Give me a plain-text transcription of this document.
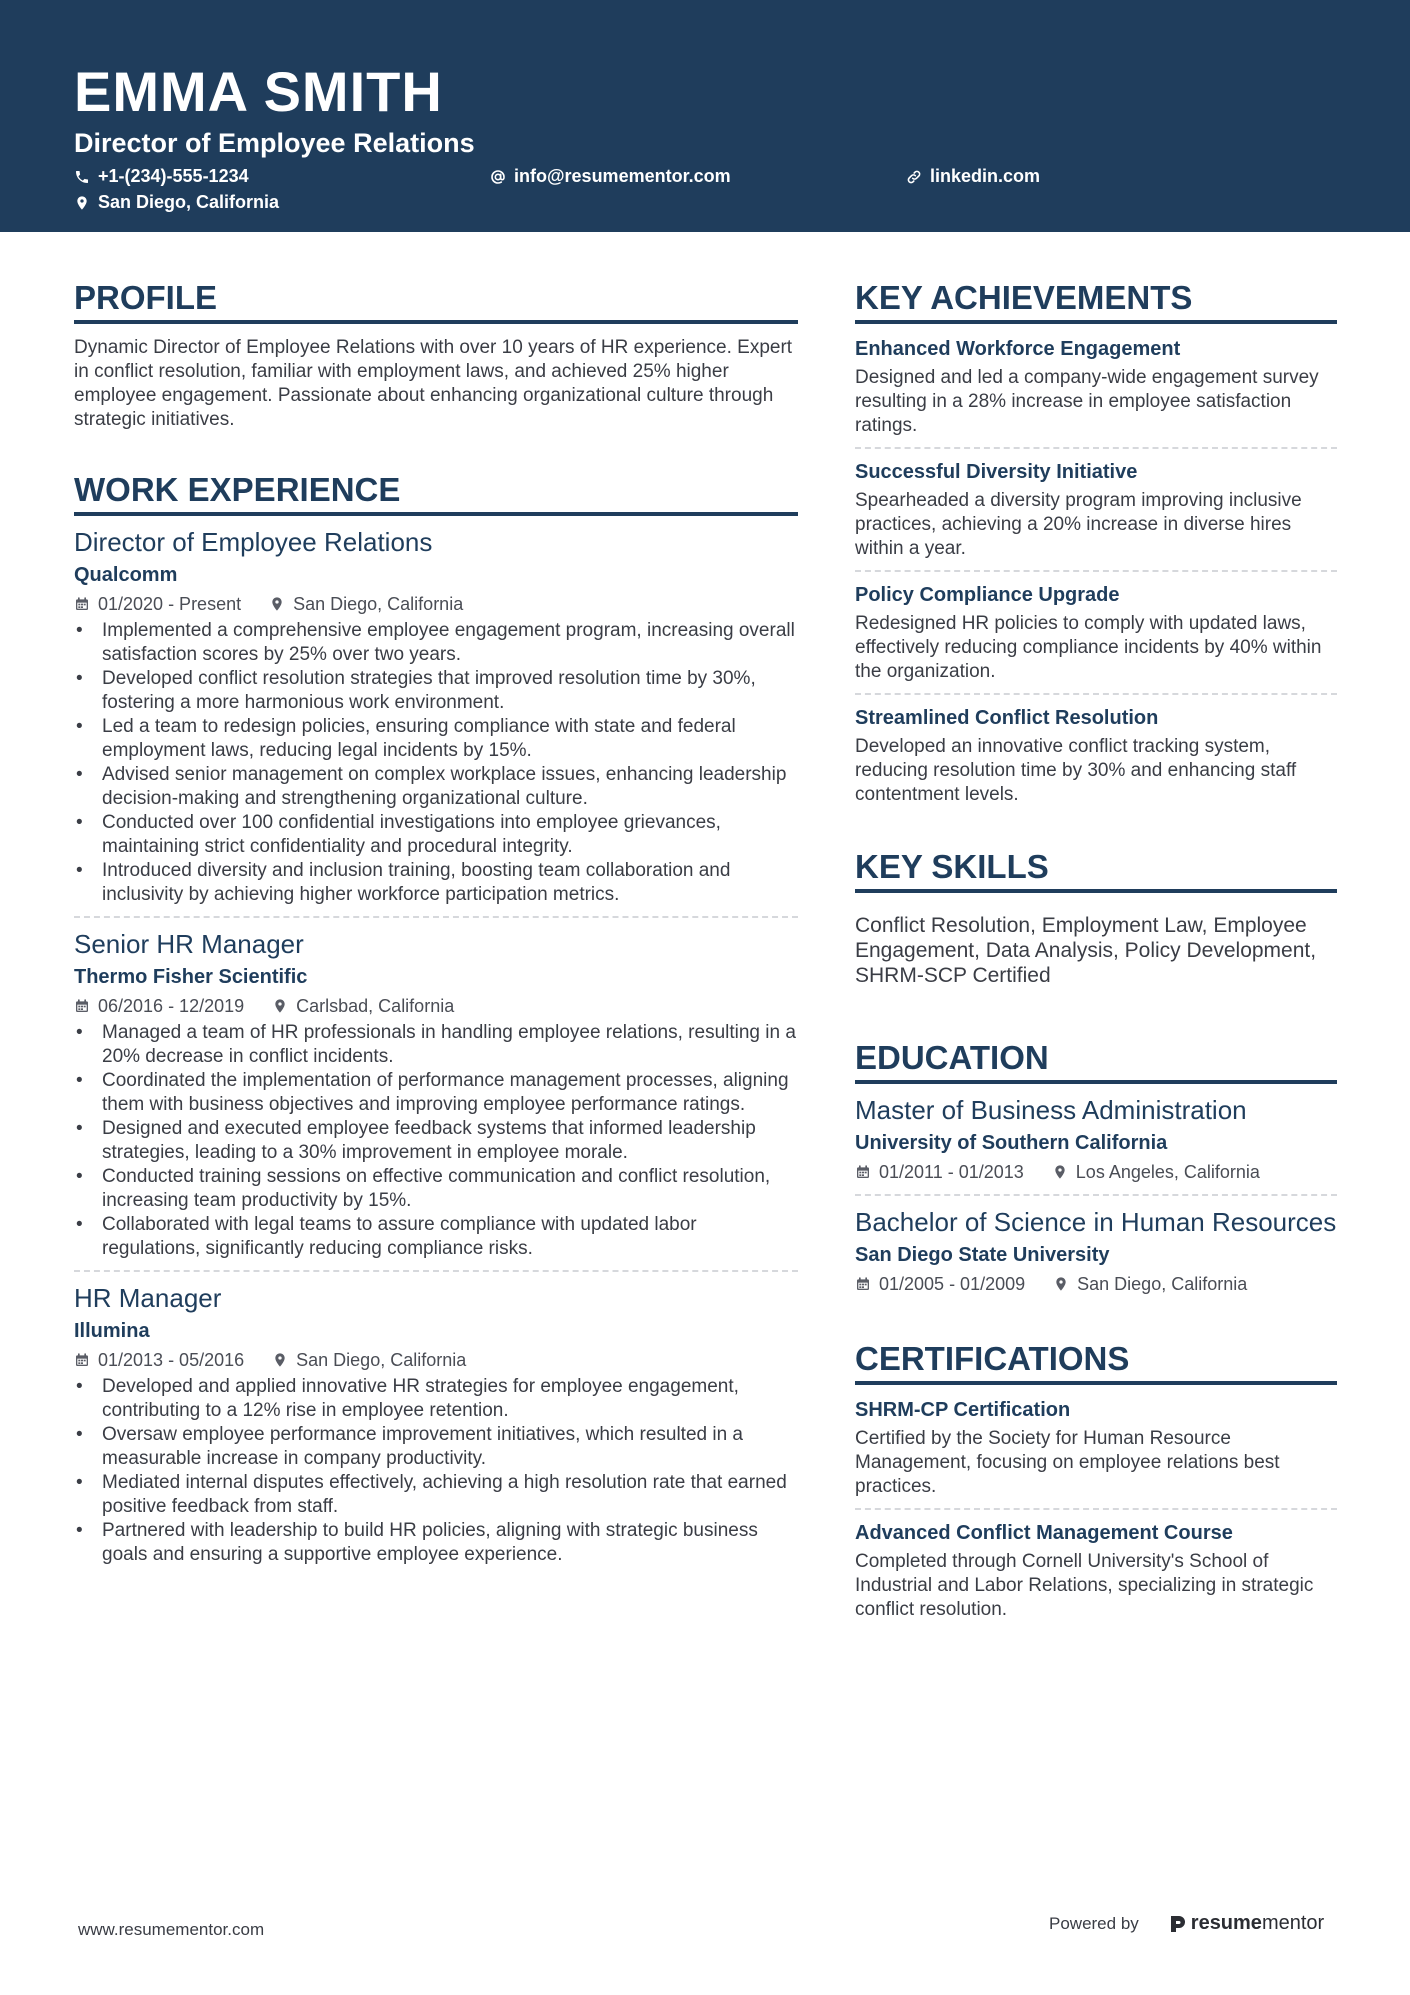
EMMA SMITH
Director of Employee Relations
+1-(234)-555-1234	info@resumementor.com	linkedin.com
San Diego, California
PROFILE
Dynamic Director of Employee Relations with over 10 years of HR experience. Expert in conflict resolution, familiar with employment laws, and achieved 25% higher employee engagement. Passionate about enhancing organizational culture through strategic initiatives.
WORK EXPERIENCE
Director of Employee Relations
Qualcomm
01/2020 - Present	San Diego, California
• Implemented a comprehensive employee engagement program, increasing overall satisfaction scores by 25% over two years.
• Developed conflict resolution strategies that improved resolution time by 30%, fostering a more harmonious work environment.
• Led a team to redesign policies, ensuring compliance with state and federal employment laws, reducing legal incidents by 15%.
• Advised senior management on complex workplace issues, enhancing leadership decision-making and strengthening organizational culture.
• Conducted over 100 confidential investigations into employee grievances, maintaining strict confidentiality and procedural integrity.
• Introduced diversity and inclusion training, boosting team collaboration and inclusivity by achieving higher workforce participation metrics.
Senior HR Manager
Thermo Fisher Scientific
06/2016 - 12/2019	Carlsbad, California
• Managed a team of HR professionals in handling employee relations, resulting in a 20% decrease in conflict incidents.
• Coordinated the implementation of performance management processes, aligning them with business objectives and improving employee performance ratings.
• Designed and executed employee feedback systems that informed leadership strategies, leading to a 30% improvement in employee morale.
• Conducted training sessions on effective communication and conflict resolution, increasing team productivity by 15%.
• Collaborated with legal teams to assure compliance with updated labor regulations, significantly reducing compliance risks.
HR Manager
Illumina
01/2013 - 05/2016	San Diego, California
• Developed and applied innovative HR strategies for employee engagement, contributing to a 12% rise in employee retention.
• Oversaw employee performance improvement initiatives, which resulted in a measurable increase in company productivity.
• Mediated internal disputes effectively, achieving a high resolution rate that earned positive feedback from staff.
• Partnered with leadership to build HR policies, aligning with strategic business goals and ensuring a supportive employee experience.
KEY ACHIEVEMENTS
Enhanced Workforce Engagement
Designed and led a company-wide engagement survey resulting in a 28% increase in employee satisfaction ratings.
Successful Diversity Initiative
Spearheaded a diversity program improving inclusive practices, achieving a 20% increase in diverse hires within a year.
Policy Compliance Upgrade
Redesigned HR policies to comply with updated laws, effectively reducing compliance incidents by 40% within the organization.
Streamlined Conflict Resolution
Developed an innovative conflict tracking system, reducing resolution time by 30% and enhancing staff contentment levels.
KEY SKILLS
Conflict Resolution, Employment Law, Employee Engagement, Data Analysis, Policy Development, SHRM-SCP Certified
EDUCATION
Master of Business Administration
University of Southern California
01/2011 - 01/2013	Los Angeles, California
Bachelor of Science in Human Resources
San Diego State University
01/2005 - 01/2009	San Diego, California
CERTIFICATIONS
SHRM-CP Certification
Certified by the Society for Human Resource Management, focusing on employee relations best practices.
Advanced Conflict Management Course
Completed through Cornell University's School of Industrial and Labor Relations, specializing in strategic conflict resolution.
www.resumementor.com	Powered by	resume mentor
